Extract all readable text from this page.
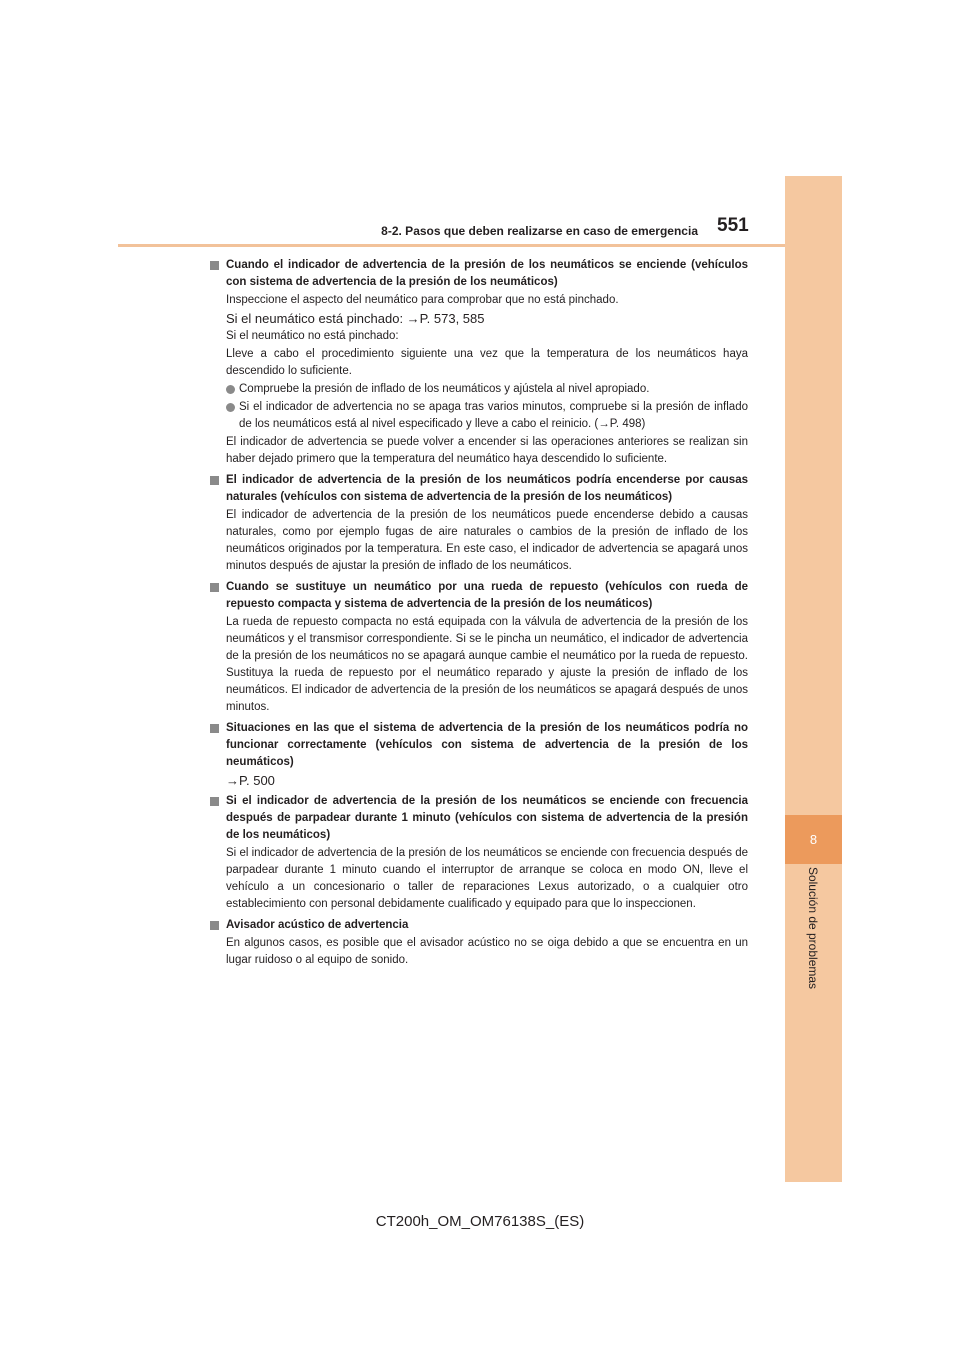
8
Solución de problemas
8-2. Pasos que deben realizarse en caso de emergencia 551
Cuando el indicador de advertencia de la presión de los neumáticos se enciende (vehículos con sistema de advertencia de la presión de los neumáticos)
Inspeccione el aspecto del neumático para comprobar que no está pinchado.
Si el neumático está pinchado: →P. 573, 585
Si el neumático no está pinchado:
Lleve a cabo el procedimiento siguiente una vez que la temperatura de los neumáticos haya descendido lo suficiente.
Compruebe la presión de inflado de los neumáticos y ajústela al nivel apropiado.
Si el indicador de advertencia no se apaga tras varios minutos, compruebe si la presión de inflado de los neumáticos está al nivel especificado y lleve a cabo el reinicio. (→P. 498)
El indicador de advertencia se puede volver a encender si las operaciones anteriores se realizan sin haber dejado primero que la temperatura del neumático haya descendido lo suficiente.
El indicador de advertencia de la presión de los neumáticos podría encenderse por causas naturales (vehículos con sistema de advertencia de la presión de los neumáticos)
El indicador de advertencia de la presión de los neumáticos puede encenderse debido a causas naturales, como por ejemplo fugas de aire naturales o cambios de la presión de inflado de los neumáticos originados por la temperatura. En este caso, el indicador de advertencia se apagará unos minutos después de ajustar la presión de inflado de los neumáticos.
Cuando se sustituye un neumático por una rueda de repuesto (vehículos con rueda de repuesto compacta y sistema de advertencia de la presión de los neumáticos)
La rueda de repuesto compacta no está equipada con la válvula de advertencia de la presión de los neumáticos y el transmisor correspondiente. Si se le pincha un neumático, el indicador de advertencia de la presión de los neumáticos no se apagará aunque cambie el neumático por la rueda de repuesto. Sustituya la rueda de repuesto por el neumático reparado y ajuste la presión de inflado de los neumáticos. El indicador de advertencia de la presión de los neumáticos se apagará después de unos minutos.
Situaciones en las que el sistema de advertencia de la presión de los neumáticos podría no funcionar correctamente (vehículos con sistema de advertencia de la presión de los neumáticos)
→P. 500
Si el indicador de advertencia de la presión de los neumáticos se enciende con frecuencia después de parpadear durante 1 minuto (vehículos con sistema de advertencia de la presión de los neumáticos)
Si el indicador de advertencia de la presión de los neumáticos se enciende con frecuencia después de parpadear durante 1 minuto cuando el interruptor de arranque se coloca en modo ON, lleve el vehículo a un concesionario o taller de reparaciones Lexus autorizado, o a cualquier otro establecimiento con personal debidamente cualificado y equipado para que lo inspeccionen.
Avisador acústico de advertencia
En algunos casos, es posible que el avisador acústico no se oiga debido a que se encuentra en un lugar ruidoso o al equipo de sonido.
CT200h_OM_OM76138S_(ES)
